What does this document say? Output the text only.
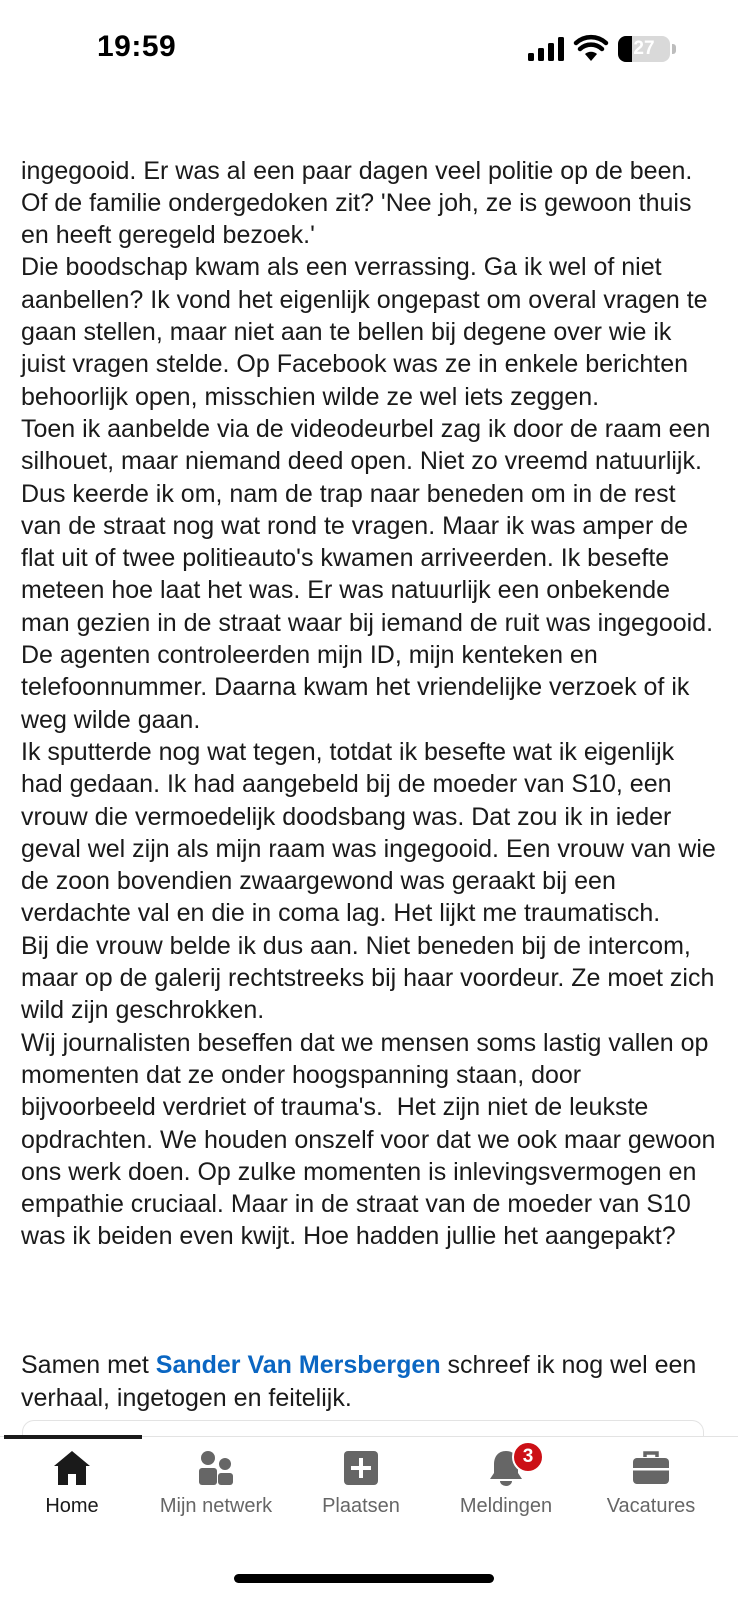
19:59	27

ingegooid. Er was al een paar dagen veel politie op de been. Of de familie ondergedoken zit? 'Nee joh, ze is gewoon thuis en heeft geregeld bezoek.'
Die boodschap kwam als een verrassing. Ga ik wel of niet aanbellen? Ik vond het eigenlijk ongepast om overal vragen te gaan stellen, maar niet aan te bellen bij degene over wie ik juist vragen stelde. Op Facebook was ze in enkele berichten behoorlijk open, misschien wilde ze wel iets zeggen.
Toen ik aanbelde via de videodeurbel zag ik door de raam een silhouet, maar niemand deed open. Niet zo vreemd natuurlijk. Dus keerde ik om, nam de trap naar beneden om in de rest van de straat nog wat rond te vragen. Maar ik was amper de flat uit of twee politieauto's kwamen arriveerden. Ik besefte meteen hoe laat het was. Er was natuurlijk een onbekende man gezien in de straat waar bij iemand de ruit was ingegooid. De agenten controleerden mijn ID, mijn kenteken en telefoonnummer. Daarna kwam het vriendelijke verzoek of ik weg wilde gaan.
Ik sputterde nog wat tegen, totdat ik besefte wat ik eigenlijk had gedaan. Ik had aangebeld bij de moeder van S10, een vrouw die vermoedelijk doodsbang was. Dat zou ik in ieder geval wel zijn als mijn raam was ingegooid. Een vrouw van wie de zoon bovendien zwaargewond was geraakt bij een verdachte val en die in coma lag. Het lijkt me traumatisch.
Bij die vrouw belde ik dus aan. Niet beneden bij de intercom, maar op de galerij rechtstreeks bij haar voordeur. Ze moet zich wild zijn geschrokken.
Wij journalisten beseffen dat we mensen soms lastig vallen op momenten dat ze onder hoogspanning staan, door bijvoorbeeld verdriet of trauma's.  Het zijn niet de leukste opdrachten. We houden onszelf voor dat we ook maar gewoon ons werk doen. Op zulke momenten is inlevingsvermogen en empathie cruciaal. Maar in de straat van de moeder van S10 was ik beiden even kwijt. Hoe hadden jullie het aangepakt?

Samen met Sander Van Mersbergen schreef ik nog wel een verhaal, ingetogen en feitelijk.

Home	Mijn netwerk	Plaatsen
3
Meldingen	Vacatures
